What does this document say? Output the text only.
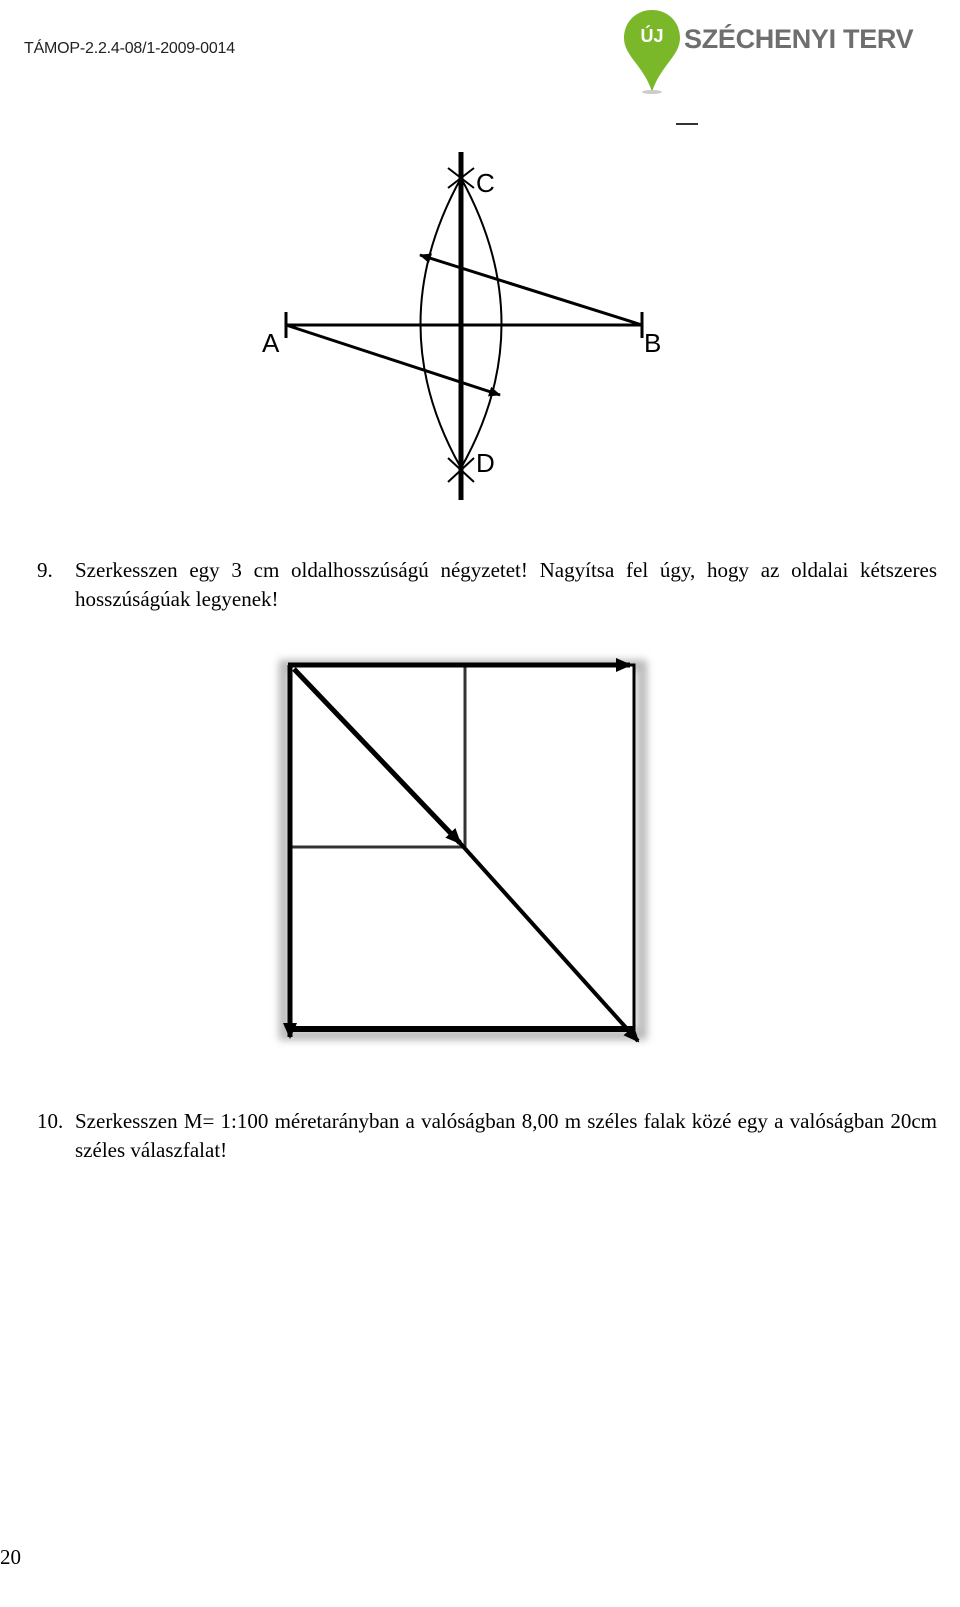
TÁMOP-2.2.4-08/1-2009-0014
ÚJ SZÉCHENYI TERV
A	B
C
D
9. Szerkesszen egy 3 cm oldalhosszúságú négyzetet! Nagyítsa fel úgy, hogy az oldalai kétszeres hosszúságúak legyenek!
10. Szerkesszen M= 1:100 méretarányban a valóságban 8,00 m széles falak közé egy a valóságban 20cm széles válaszfalat!
20
